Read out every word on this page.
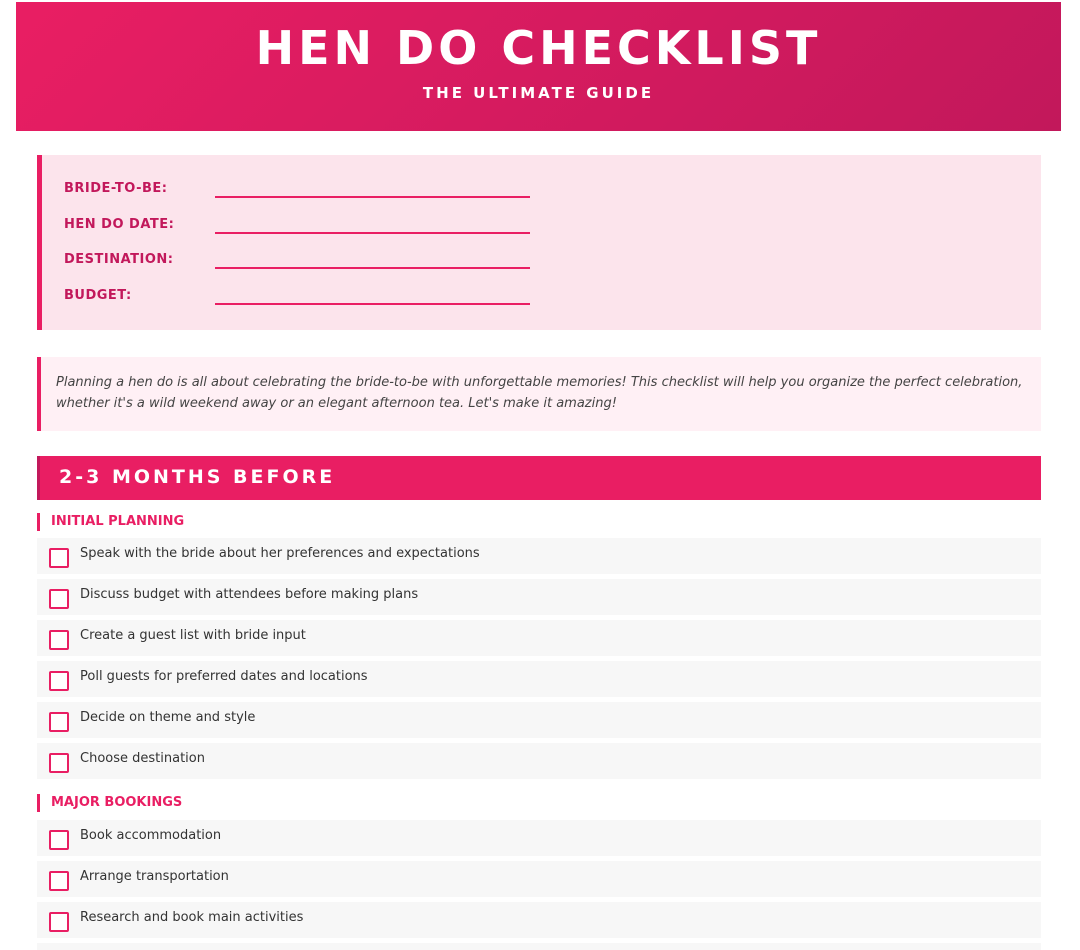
HEN DO CHECKLIST
THE ULTIMATE GUIDE
BRIDE-TO-BE:
HEN DO DATE:
DESTINATION:
BUDGET:

Planning a hen do is all about celebrating the bride-to-be with unforgettable memories! This checklist will help you organize the perfect celebration, whether it's a wild weekend away or an elegant afternoon tea. Let's make it amazing!

2-3 MONTHS BEFORE
INITIAL PLANNING
Speak with the bride about her preferences and expectations
Discuss budget with attendees before making plans
Create a guest list with bride input
Poll guests for preferred dates and locations
Decide on theme and style
Choose destination
MAJOR BOOKINGS
Book accommodation
Arrange transportation
Research and book main activities
